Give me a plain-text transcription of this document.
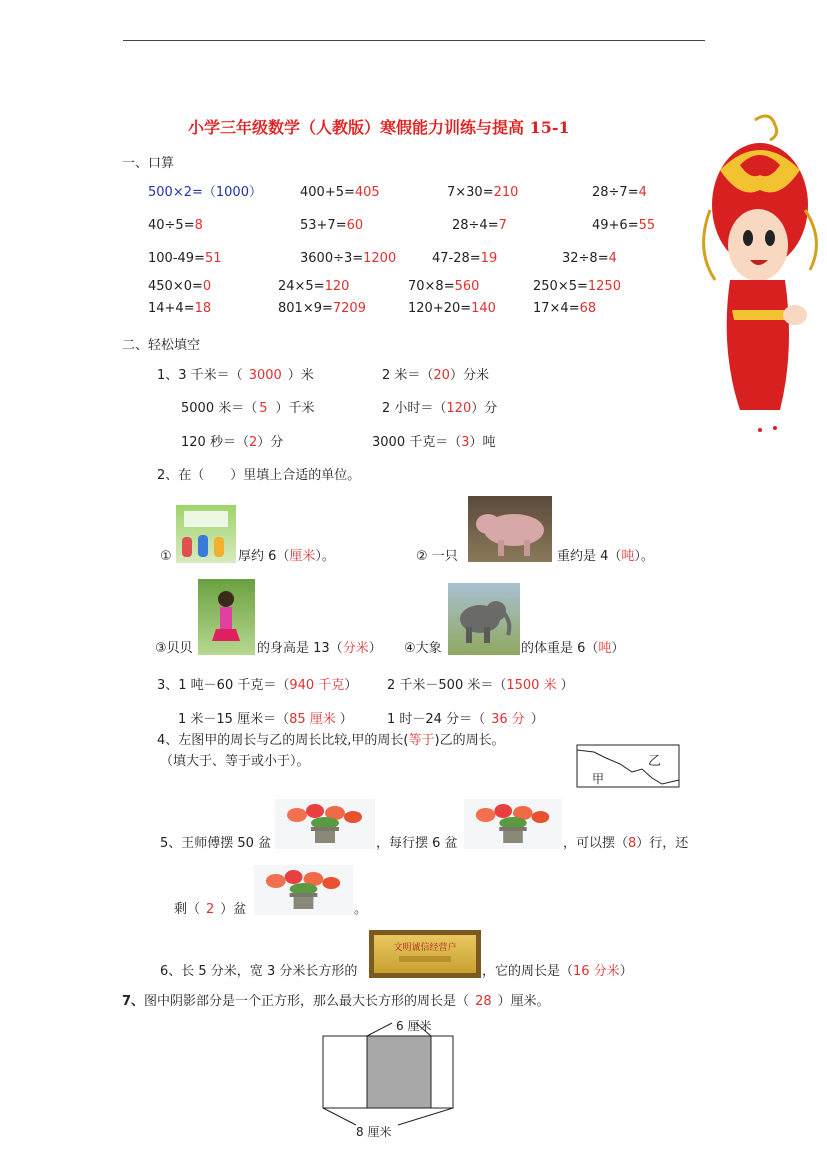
小学三年级数学（人教版）寒假能力训练与提高 15-1
一、口算
500×2=（1000）	400+5=405	7×30=210	28÷7=4
40÷5=8	53+7=60	28÷4=7	49+6=55
100-49=51	3600÷3=1200	47-28=19	32÷8=4
450×0=0	24×5=120	70×8=560	250×5=1250
14+4=18	801×9=7209	120+20=140	17×4=68
二、轻松填空
1、3 千米＝（ 3000 ）米	2 米＝（20）分米
5000 米＝（ 5 ）千米	2 小时＝（120）分
120 秒＝（2）分	3000 千克＝（3）吨
2、在（　　）里填上合适的单位。
①	厚约 6（厘米）。	② 一只	重约是 4（吨）。
③贝贝	的身高是 13（分米） ④大象	的体重是 6（吨）
3、1 吨－60 千克＝（940 千克） 2 千米－500 米＝（1500 米 ）
1 米－15 厘米＝（85 厘米 ）	1 时－24 分＝（ 36 分 ）
4、左图甲的周长与乙的周长比较,甲的周长(等于)乙的周长。
（填大于、等于或小于）。
甲
乙
5、王师傅摆 50 盆	，每行摆 6 盆	，可以摆（8）行，还
剩（ 2 ）盆	。
6、长 5 分米，宽 3 分米长方形的
文明诚信经营户
，它的周长是（16 分米）
7、图中阴影部分是一个正方形，那么最大长方形的周长是（ 28 ）厘米。
6 厘米
8 厘米
